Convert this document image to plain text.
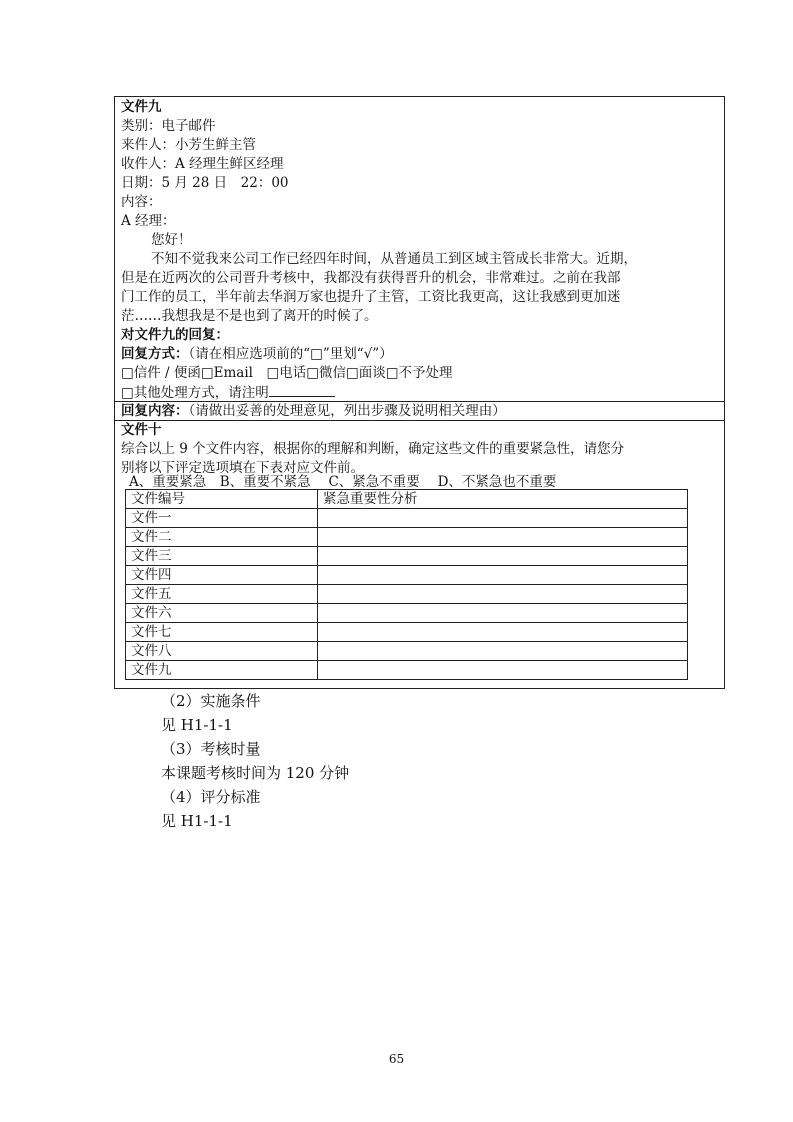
文件九
类别：电子邮件
来件人：小芳生鲜主管
收件人：A 经理生鲜区经理
日期：5 月 28 日　22：00
内容：
A 经理：
您好！
不知不觉我来公司工作已经四年时间，从普通员工到区域主管成长非常大。近期，
但是在近两次的公司晋升考核中，我都没有获得晋升的机会，非常难过。之前在我部
门工作的员工，半年前去华润万家也提升了主管，工资比我更高，这让我感到更加迷
茫……我想我是不是也到了离开的时候了。
对文件九的回复：
回复方式：（请在相应选项前的“□”里划“√”）
□信件 / 便函□Email　□电话□微信□面谈□不予处理
□其他处理方式，请注明
回复内容：（请做出妥善的处理意见，列出步骤及说明相关理由）
文件十
综合以上 9 个文件内容，根据你的理解和判断，确定这些文件的重要紧急性，请您分
别将以下评定选项填在下表对应文件前。
A、重要紧急　B、重要不紧急　 C、紧急不重要　 D、不紧急也不重要
文件编号	紧急重要性分析
文件一	
文件二	
文件三	
文件四	
文件五	
文件六	
文件七	
文件八	
文件九	
（2）实施条件
见 H1-1-1
（3）考核时量
本课题考核时间为 120 分钟
（4）评分标准
见 H1-1-1
65
